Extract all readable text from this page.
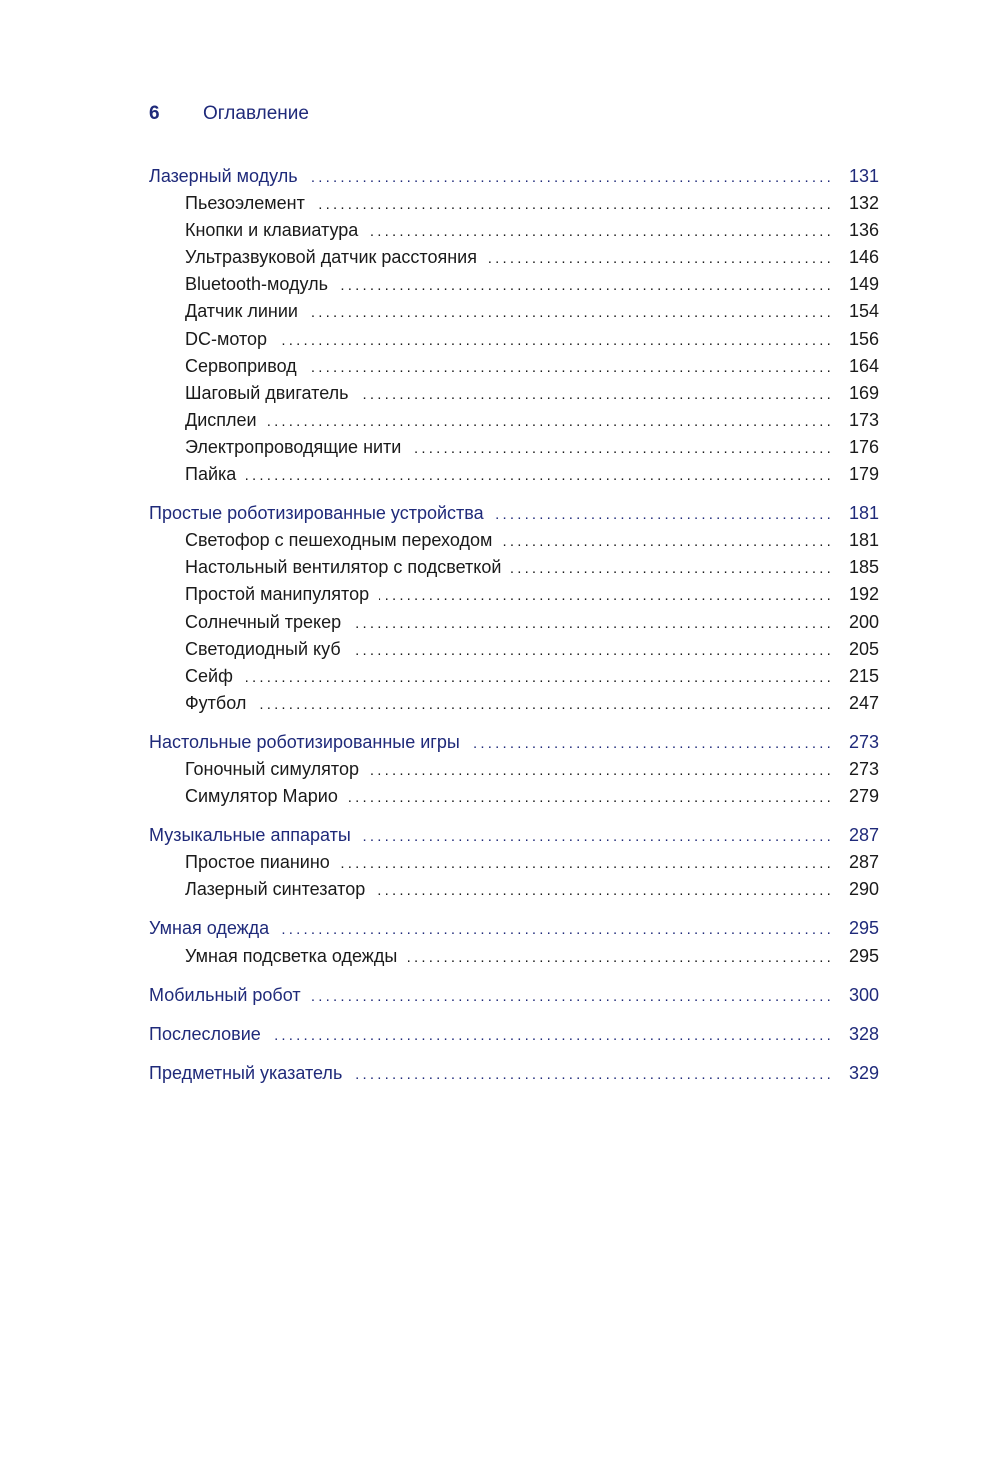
6	Оглавление
Лазерный модуль .....	131
Пьезоэлемент .....	132
Кнопки и клавиатура .....	136
Ультразвуковой датчик расстояния .....	146
Bluetooth-модуль .....	149
Датчик линии .....	154
DC-мотор .....	156
Сервопривод .....	164
Шаговый двигатель .....	169
Дисплеи .....	173
Электропроводящие нити .....	176
Пайка .....	179
Простые роботизированные устройства .....	181
Светофор с пешеходным переходом .....	181
Настольный вентилятор с подсветкой .....	185
Простой манипулятор .....	192
Солнечный трекер .....	200
Светодиодный куб .....	205
Сейф .....	215
Футбол .....	247
Настольные роботизированные игры .....	273
Гоночный симулятор .....	273
Симулятор Марио .....	279
Музыкальные аппараты .....	287
Простое пианино .....	287
Лазерный синтезатор .....	290
Умная одежда .....	295
Умная подсветка одежды .....	295
Мобильный робот .....	300
Послесловие .....	328
Предметный указатель .....	329
